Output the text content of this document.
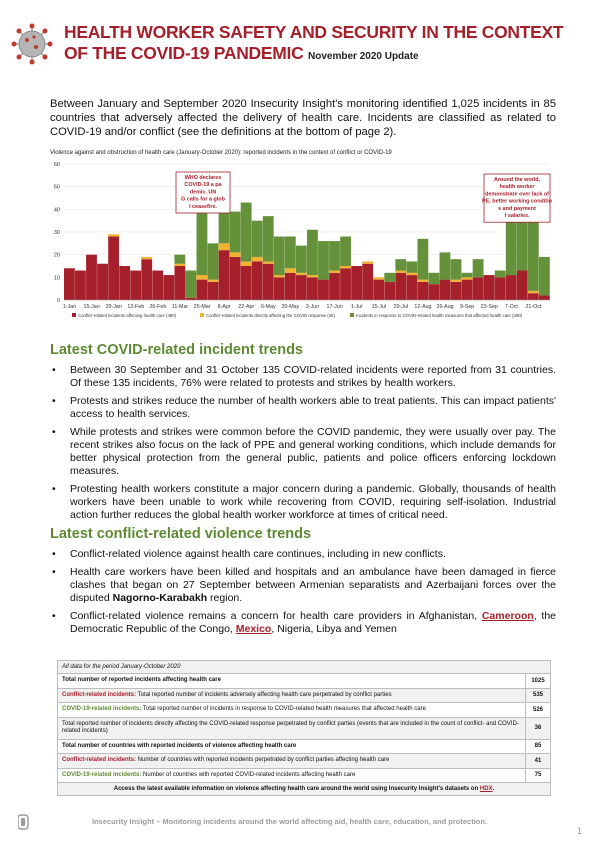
HEALTH WORKER SAFETY AND SECURITY IN THE CONTEXT OF THE COVID-19 PANDEMIC November 2020 Update

Between January and September 2020 Insecurity Insight's monitoring identified 1,025 incidents in 85 countries that adversely affected the delivery of health care. Incidents are classified as related to COVID-19 and/or conflict (see the definitions at the bottom of page 2).

Violence against and obstruction of health care (January-October 2020): reported incidents in the context of conflict or COVID-19
0
10
20
30
40
50
60
1-Jan 15-Jan 29-Jan 12-Feb 26-Feb 11-Mar 25-Mar 8-Apr 22-Apr 6-May 20-May 3-Jun 17-Jun 1-Jul 15-Jul 29-Jul 12-Aug 26-Aug 9-Sep 23-Sep 7-Oct 21-Oct
Conflict-related incidents affecting health care (490)	Conflict-related incidents directly affecting the COVID response (36)	Incidents in response to COVID-related health measures that affected health care (490)
WHO declares
COVID-19 a pa
demic. UN
G calls for a glob
l ceasefire.
Around the world,
health worker
demonstrate over lack of
PE, better working conditio
s and payment
f salaries.
Latest COVID-related incident trends
• Between 30 September and 31 October 135 COVID-related incidents were reported from 31 countries. Of these 135 incidents, 76% were related to protests and strikes by health workers.
• Protests and strikes reduce the number of health workers able to treat patients. This can impact patients' access to health services.
• While protests and strikes were common before the COVID pandemic, they were usually over pay. The recent strikes also focus on the lack of PPE and general working conditions, which include demands for better physical protection from the general public, patients and police officers enforcing lockdown measures.
• Protesting health workers constitute a major concern during a pandemic. Globally, thousands of health workers have been unable to work while recovering from COVID, requiring self-isolation. Industrial action further reduces the global health worker workforce at times of critical need.
Latest conflict-related violence trends
• Conflict-related violence against health care continues, including in new conflicts.
• Health care workers have been killed and hospitals and an ambulance have been damaged in fierce clashes that began on 27 September between Armenian separatists and Azerbaijani forces over the disputed Nagorno-Karabakh region.
• Conflict-related violence remains a concern for health care providers in Afghanistan, Cameroon, the Democratic Republic of the Congo, Mexico, Nigeria, Libya and Yemen
All data for the period January-October 2020
Total number of reported incidents affecting health care	1025
Conflict-related incidents: Total reported number of incidents adversely affecting health care perpetrated by conflict parties	535
COVID-19-related incidents: Total reported number of incidents in response to COVID-related health measures that affected health care	526
Total reported number of incidents directly affecting the COVID-related response perpetrated by conflict parties (events that are included in the count of conflict- and COVID-related incidents)	36
Total number of countries with reported incidents of violence affecting health care	85
Conflict-related incidents: Number of countries with reported incidents perpetrated by conflict parties affecting health care	41
COVID-19-related incidents: Number of countries with reported COVID-related incidents affecting health care	75
Access the latest available information on violence affecting health care around the world using Insecurity Insight's datasets on HDX.
Insecurity Insight – Monitoring incidents around the world affecting aid, health care, education, and protection.
1
